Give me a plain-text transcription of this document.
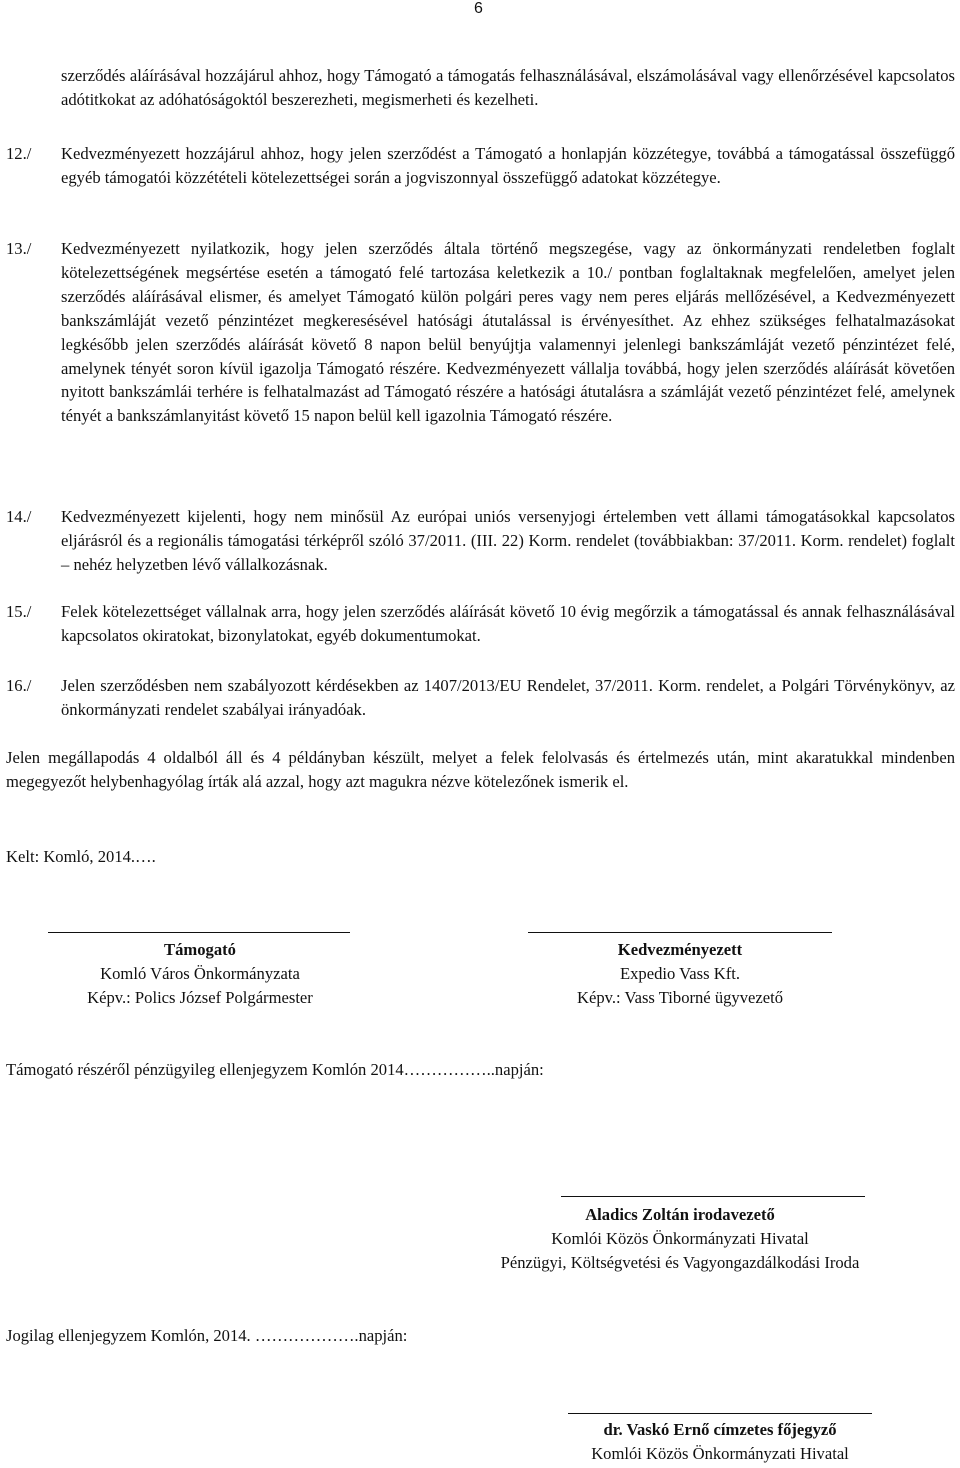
6
szerződés aláírásával hozzájárul ahhoz, hogy Támogató a támogatás felhasználásával, elszámolásával vagy ellenőrzésével kapcsolatos adótitkokat az adóhatóságoktól beszerezheti, megismerheti és kezelheti.
12./ Kedvezményezett hozzájárul ahhoz, hogy jelen szerződést a Támogató a honlapján közzétegye, továbbá a támogatással összefüggő egyéb támogatói közzétételi kötelezettségei során a jogviszonnyal összefüggő adatokat közzétegye.
13./ Kedvezményezett nyilatkozik, hogy jelen szerződés általa történő megszegése, vagy az önkormányzati rendeletben foglalt kötelezettségének megsértése esetén a támogató felé tartozása keletkezik a 10./ pontban foglaltaknak megfelelően, amelyet jelen szerződés aláírásával elismer, és amelyet Támogató külön polgári peres vagy nem peres eljárás mellőzésével, a Kedvezményezett bankszámláját vezető pénzintézet megkeresésével hatósági átutalással is érvényesíthet. Az ehhez szükséges felhatalmazásokat legkésőbb jelen szerződés aláírását követő 8 napon belül benyújtja valamennyi jelenlegi bankszámláját vezető pénzintézet felé, amelynek tényét soron kívül igazolja Támogató részére. Kedvezményezett vállalja továbbá, hogy jelen szerződés aláírását követően nyitott bankszámlái terhére is felhatalmazást ad Támogató részére a hatósági átutalásra a számláját vezető pénzintézet felé, amelynek tényét a bankszámlanyitást követő 15 napon belül kell igazolnia Támogató részére.
14./ Kedvezményezett kijelenti, hogy nem minősül Az európai uniós versenyjogi értelemben vett állami támogatásokkal kapcsolatos eljárásról és a regionális támogatási térképről szóló 37/2011. (III. 22) Korm. rendelet (továbbiakban: 37/2011. Korm. rendelet) foglalt – nehéz helyzetben lévő vállalkozásnak.
15./ Felek kötelezettséget vállalnak arra, hogy jelen szerződés aláírását követő 10 évig megőrzik a támogatással és annak felhasználásával kapcsolatos okiratokat, bizonylatokat, egyéb dokumentumokat.
16./ Jelen szerződésben nem szabályozott kérdésekben az 1407/2013/EU Rendelet, 37/2011. Korm. rendelet, a Polgári Törvénykönyv, az önkormányzati rendelet szabályai irányadóak.
Jelen megállapodás 4 oldalból áll és 4 példányban készült, melyet a felek felolvasás és értelmezés után, mint akaratukkal mindenben megegyezőt helybenhagyólag írták alá azzal, hogy azt magukra nézve kötelezőnek ismerik el.
Kelt: Komló, 2014.….
Támogató
Komló Város Önkormányzata
Képv.: Polics József Polgármester
Kedvezményezett
Expedio Vass Kft.
Képv.: Vass Tiborné ügyvezető
Támogató részéről pénzügyileg ellenjegyzem Komlón 2014……………..napján:
Aladics Zoltán irodavezető
Komlói Közös Önkormányzati Hivatal
Pénzügyi, Költségvetési és Vagyongazdálkodási Iroda
Jogilag ellenjegyzem Komlón, 2014. ……………….napján:
dr. Vaskó Ernő címzetes főjegyző
Komlói Közös Önkormányzati Hivatal
